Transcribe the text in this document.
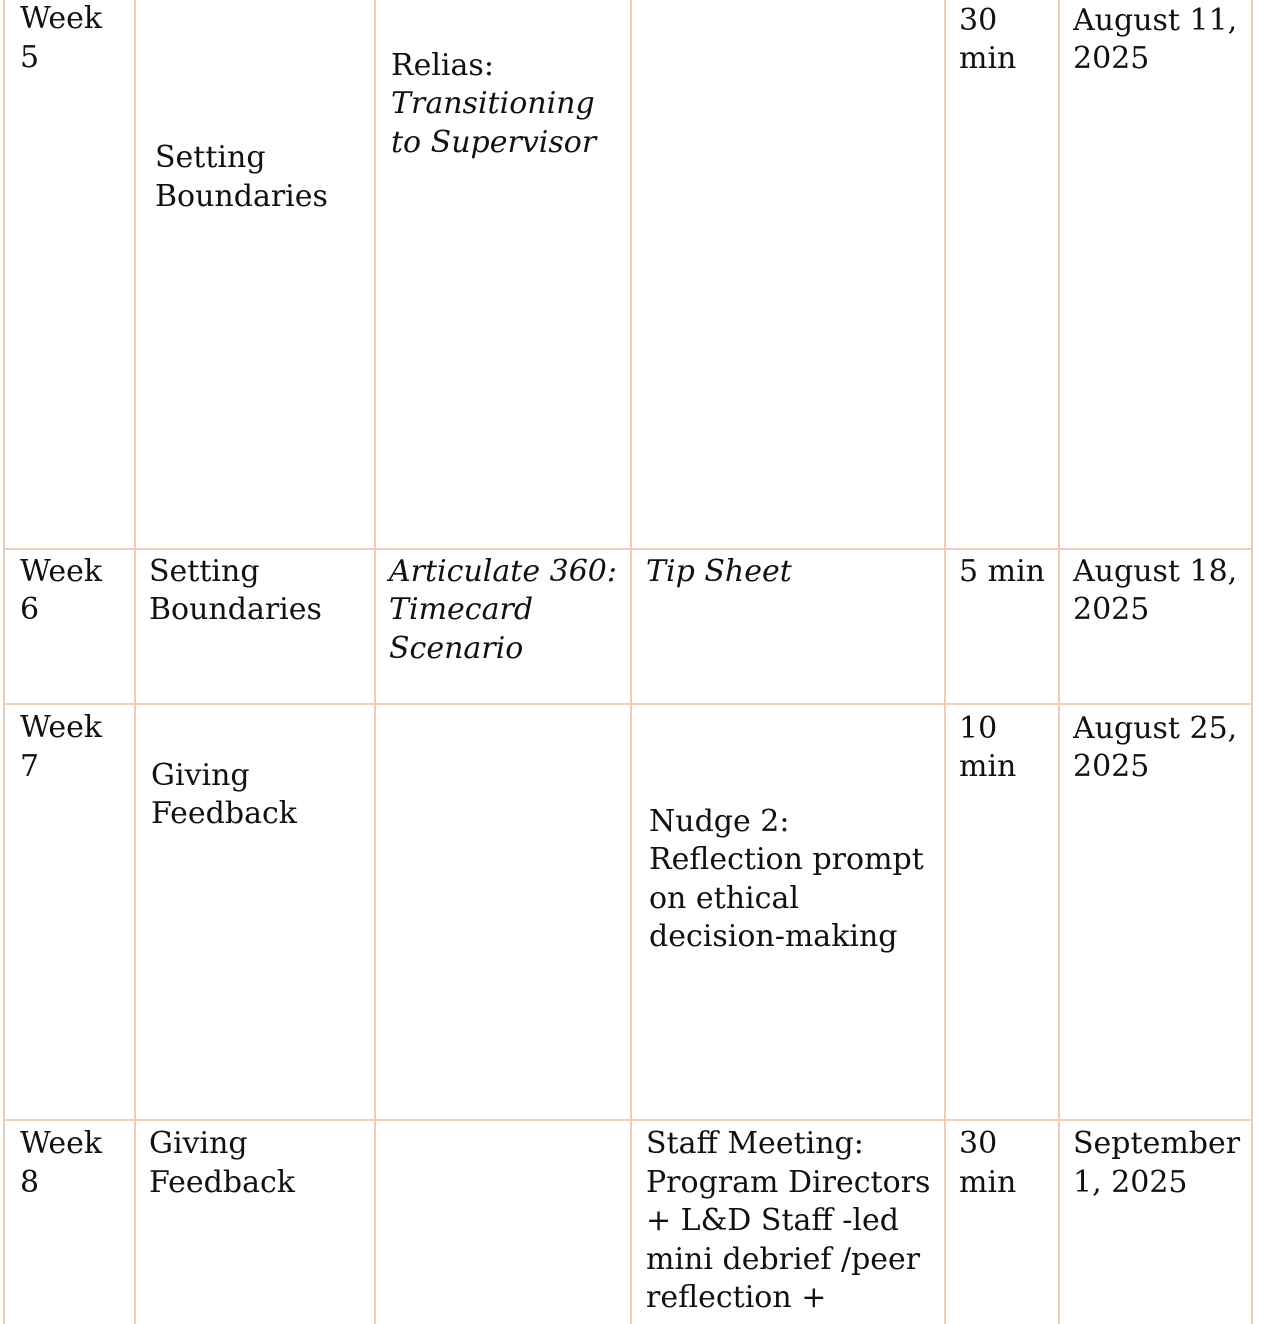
Week
5	Setting
Boundaries	Relias:
Transitioning
to Supervisor		30
min	August 11,
2025

Week
6	Setting
Boundaries	Articulate 360:
Timecard
Scenario	Tip Sheet	5 min	August 18,
2025

Week
7	Giving
Feedback		Nudge 2:
Reflection prompt
on ethical
decision-making	10
min	August 25,
2025

Week
8	Giving
Feedback		Staff Meeting:
Program Directors
+ L&D Staff -led
mini debrief /peer
reflection +	30
min	September
1, 2025
